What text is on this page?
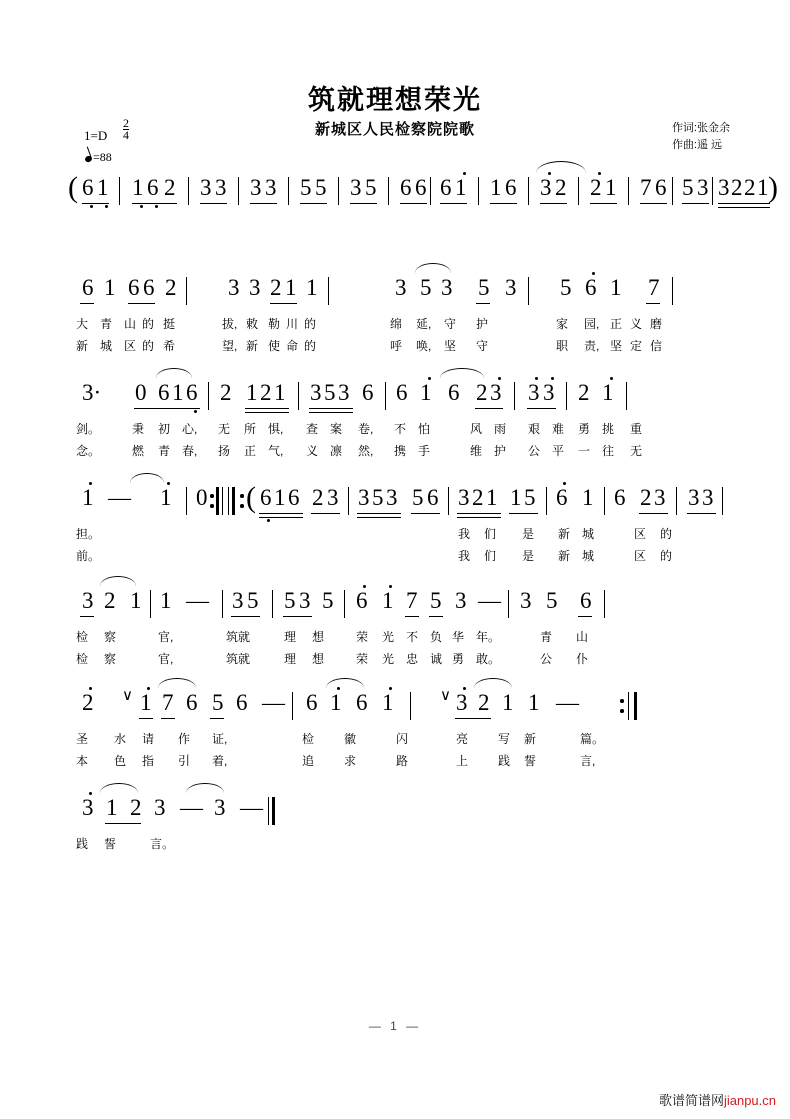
筑就理想荣光
新城区人民检察院院歌	作词:张金余
作曲:遥 远
$1=D \frac{2}{4}$
=88
( 6 1 1 6 2 3 3 3 3 5 5 3 5 6 6 6 1 1 6 3 2 2 1 7 6 5 3 3 2 2 1 )
6 1 6 6 2 3 3 2 1 1	3 5 3 5 3 5 6 1 7
大 青 山 的 挺	拔, 敕 勒 川 的	绵 延, 守 护	家 园, 正 义 磨
新 城 区 的 希	望, 新 使 命 的	呼 唤, 坚 守	职 责, 坚 定 信
3· 0 6 1 6 2 1 2 1 3 5 3 6 6 1 6 2 3 3 3 2 1
剑。	秉 初 心, 无 所 惧, 查 案 卷, 不 怕	风 雨 艰 难 勇 挑 重
念。	燃 青 春, 扬 正 气, 义 凛 然, 携 手	维 护 公 平 一 往 无
1 — 1 0 ( 6 1 6 2 3 3 5 3 5 6 3 2 1 1 5 6 1 6 2 3 3 3
担。	我 们 是 新 城	区 的
前。	我 们 是 新 城	区 的
3 2 1 1 — 3 5 5 3 5 6 1 7 5 3 — 3 5 6
检 察	官,	筑就	理 想	荣 光 不 负 华 年。	青 山
检 察	官,	筑就	理 想	荣 光 忠 诚 勇 敢。	公 仆
2 ∨ 1 7 6 5 6 — 6 1 6 1	∨ 3 2 1 1 —
圣 水 请 作 证,	检 徽	闪	亮 写 新	篇。
本 色 指 引 着,	追 求	路	上 践 誓	言,
3 1 2 3 — 3 —
践 誓	言。
— 1 —
歌谱简谱网jianpu.cn
